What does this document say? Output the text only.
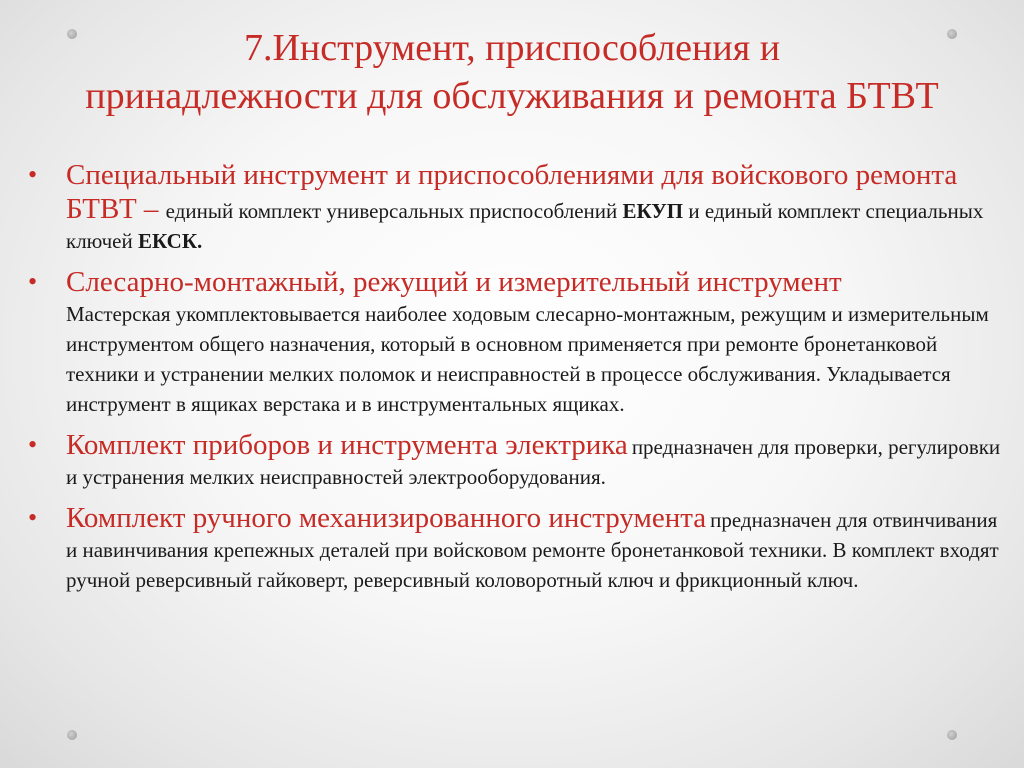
7.Инструмент, приспособления и
принадлежности для обслуживания и ремонта БТВТ
• Специальный инструмент и приспособлениями для войскового ремонта БТВТ – единый комплект универсальных приспособлений ЕКУП и единый комплект специальных ключей ЕКСК.
• Слесарно-монтажный, режущий и измерительный инструмент
Мастерская укомплектовывается наиболее ходовым слесарно-монтажным, режущим и измерительным инструментом общего назначения, который в основном применяется при ремонте бронетанковой техники и устранении мелких поломок и неисправностей в процессе обслуживания. Укладывается инструмент в ящиках верстака и в инструментальных ящиках.
• Комплект приборов и инструмента электрика предназначен для проверки, регулировки и устранения мелких неисправностей электрооборудования.
• Комплект ручного механизированного инструмента предназначен для отвинчивания и навинчивания крепежных деталей при войсковом ремонте бронетанковой техники. В комплект входят ручной реверсивный гайковерт, реверсивный коловоротный ключ и фрикционный ключ.
